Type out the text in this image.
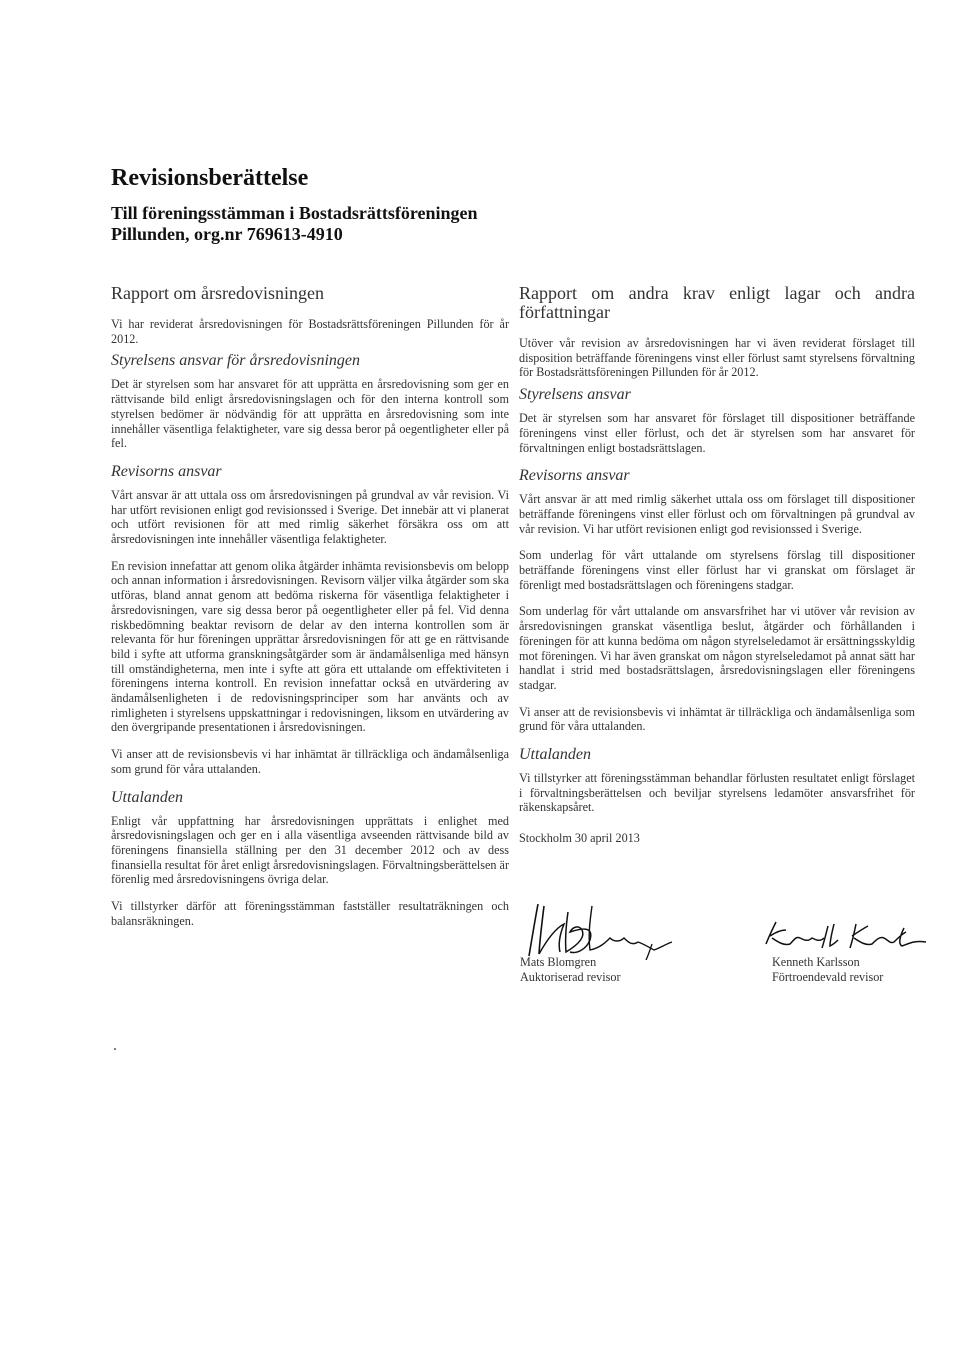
Revisionsberättelse
Till föreningsstämman i Bostadsrättsföreningen Pillunden, org.nr 769613-4910
Rapport om årsredovisningen

Vi har reviderat årsredovisningen för Bostadsrättsföreningen Pillunden för år 2012.

Styrelsens ansvar för årsredovisningen

Det är styrelsen som har ansvaret för att upprätta en årsredovisning som ger en rättvisande bild enligt årsredovisningslagen och för den interna kontroll som styrelsen bedömer är nödvändig för att upprätta en årsredovisning som inte innehåller väsentliga felaktigheter, vare sig dessa beror på oegentligheter eller på fel.

Revisorns ansvar

Vårt ansvar är att uttala oss om årsredovisningen på grundval av vår revision. Vi har utfört revisionen enligt god revisionssed i Sverige. Det innebär att vi planerat och utfört revisionen för att med rimlig säkerhet försäkra oss om att årsredovisningen inte innehåller väsentliga felaktigheter.

En revision innefattar att genom olika åtgärder inhämta revisionsbevis om belopp och annan information i årsredovisningen. Revisorn väljer vilka åtgärder som ska utföras, bland annat genom att bedöma riskerna för väsentliga felaktigheter i årsredovisningen, vare sig dessa beror på oegentligheter eller på fel. Vid denna riskbedömning beaktar revisorn de delar av den interna kontrollen som är relevanta för hur föreningen upprättar årsredovisningen för att ge en rättvisande bild i syfte att utforma granskningsåtgärder som är ändamålsenliga med hänsyn till omständigheterna, men inte i syfte att göra ett uttalande om effektiviteten i föreningens interna kontroll. En revision innefattar också en utvärdering av ändamålsenligheten i de redovisningsprinciper som har använts och av rimligheten i styrelsens uppskattningar i redovisningen, liksom en utvärdering av den övergripande presentationen i årsredovisningen.

Vi anser att de revisionsbevis vi har inhämtat är tillräckliga och ändamålsenliga som grund för våra uttalanden.

Uttalanden

Enligt vår uppfattning har årsredovisningen upprättats i enlighet med årsredovisningslagen och ger en i alla väsentliga avseenden rättvisande bild av föreningens finansiella ställning per den 31 december 2012 och av dess finansiella resultat för året enligt årsredovisningslagen. Förvaltningsberättelsen är förenlig med årsredovisningens övriga delar.

Vi tillstyrker därför att föreningsstämman fastställer resultaträkningen och balansräkningen.

Rapport om andra krav enligt lagar och andra författningar

Utöver vår revision av årsredovisningen har vi även reviderat förslaget till disposition beträffande föreningens vinst eller förlust samt styrelsens förvaltning för Bostadsrättsföreningen Pillunden för år 2012.

Styrelsens ansvar

Det är styrelsen som har ansvaret för förslaget till dispositioner beträffande föreningens vinst eller förlust, och det är styrelsen som har ansvaret för förvaltningen enligt bostadsrättslagen.

Revisorns ansvar

Vårt ansvar är att med rimlig säkerhet uttala oss om förslaget till dispositioner beträffande föreningens vinst eller förlust och om förvaltningen på grundval av vår revision. Vi har utfört revisionen enligt god revisionssed i Sverige.

Som underlag för vårt uttalande om styrelsens förslag till dispositioner beträffande föreningens vinst eller förlust har vi granskat om förslaget är förenligt med bostadsrättslagen och föreningens stadgar.

Som underlag för vårt uttalande om ansvarsfrihet har vi utöver vår revision av årsredovisningen granskat väsentliga beslut, åtgärder och förhållanden i föreningen för att kunna bedöma om någon styrelseledamot är ersättningsskyldig mot föreningen. Vi har även granskat om någon styrelseledamot på annat sätt har handlat i strid med bostadsrättslagen, årsredovisningslagen eller föreningens stadgar.

Vi anser att de revisionsbevis vi inhämtat är tillräckliga och ändamålsenliga som grund för våra uttalanden.

Uttalanden

Vi tillstyrker att föreningsstämman behandlar förlusten resultatet enligt förslaget i förvaltningsberättelsen och beviljar styrelsens ledamöter ansvarsfrihet för räkenskapsåret.

Stockholm 30 april 2013

Mats Blomgren
Auktoriserad revisor
Kenneth Karlsson
Förtroendevald revisor
